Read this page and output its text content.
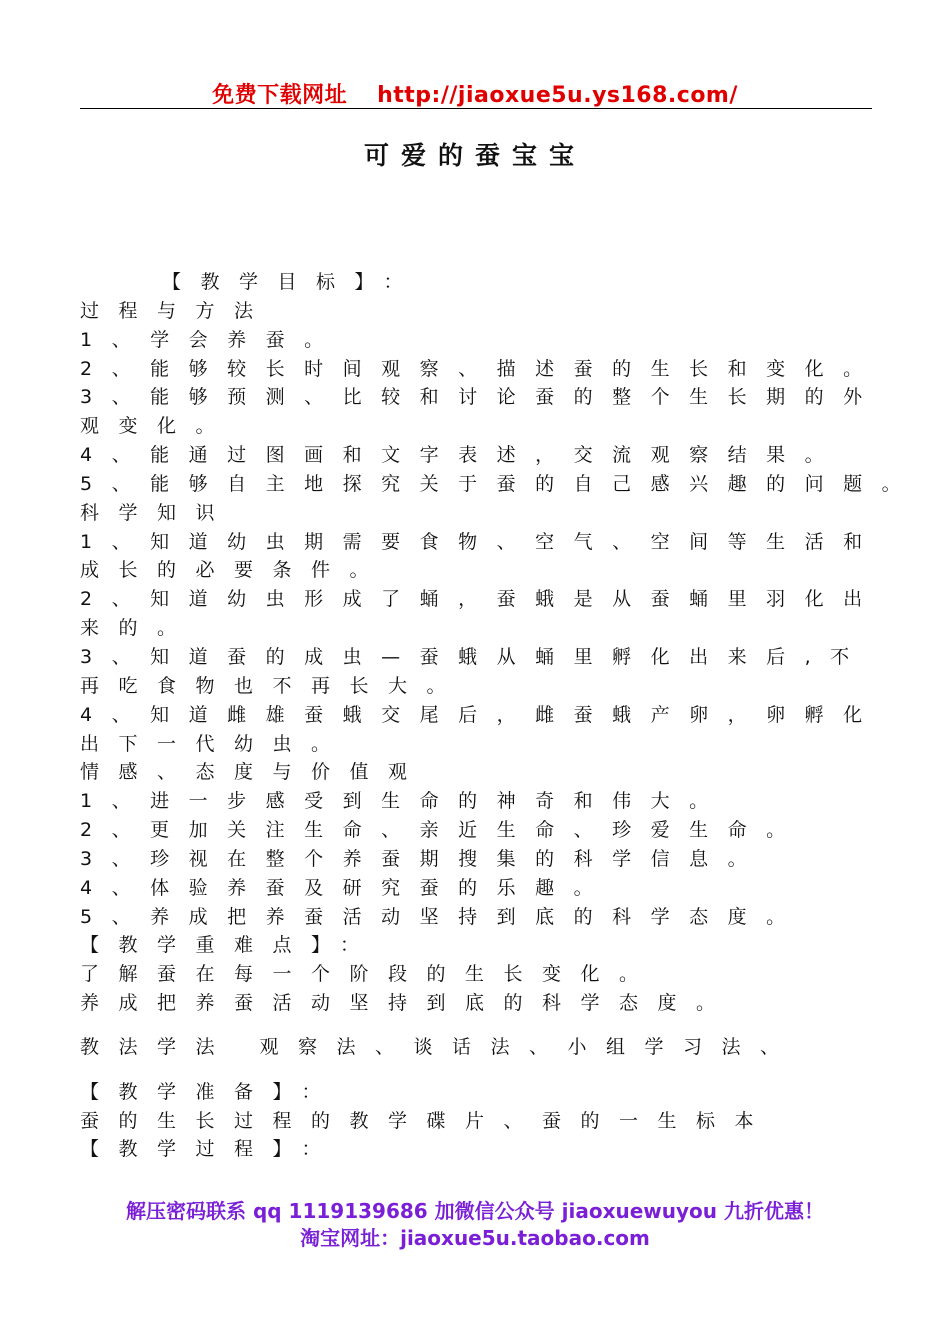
免费下载网址 http://jiaoxue5u.ys168.com/
可爱的蚕宝宝
【教学目标】：
过程与方法
1、学会养蚕。
2、能够较长时间观察、描述蚕的生长和变化。
3、能够预测、比较和讨论蚕的整个生长期的外
观变化。
4、能通过图画和文字表述，交流观察结果。
5、能够自主地探究关于蚕的自己感兴趣的问题。
科学知识
1、知道幼虫期需要食物、空气、空间等生活和
成长的必要条件。
2、知道幼虫形成了蛹，蚕蛾是从蚕蛹里羽化出
来的。
3、知道蚕的成虫—蚕蛾从蛹里孵化出来后,不
再吃食物也不再长大。
4、知道雌雄蚕蛾交尾后，雌蚕蛾产卵，卵孵化
出下一代幼虫。
情感、态度与价值观
1、进一步感受到生命的神奇和伟大。
2、更加关注生命、亲近生命、珍爱生命。
3、珍视在整个养蚕期搜集的科学信息。
4、体验养蚕及研究蚕的乐趣。
5、养成把养蚕活动坚持到底的科学态度。
【教学重难点】：
了解蚕在每一个阶段的生长变化。
养成把养蚕活动坚持到底的科学态度。
教法学法 观察法、谈话法、小组学习法、
【教学准备】：
蚕的生长过程的教学碟片、蚕的一生标本
【教学过程】：
解压密码联系 qq 1119139686 加微信公众号 jiaoxuewuyou 九折优惠！
淘宝网址：jiaoxue5u.taobao.com
